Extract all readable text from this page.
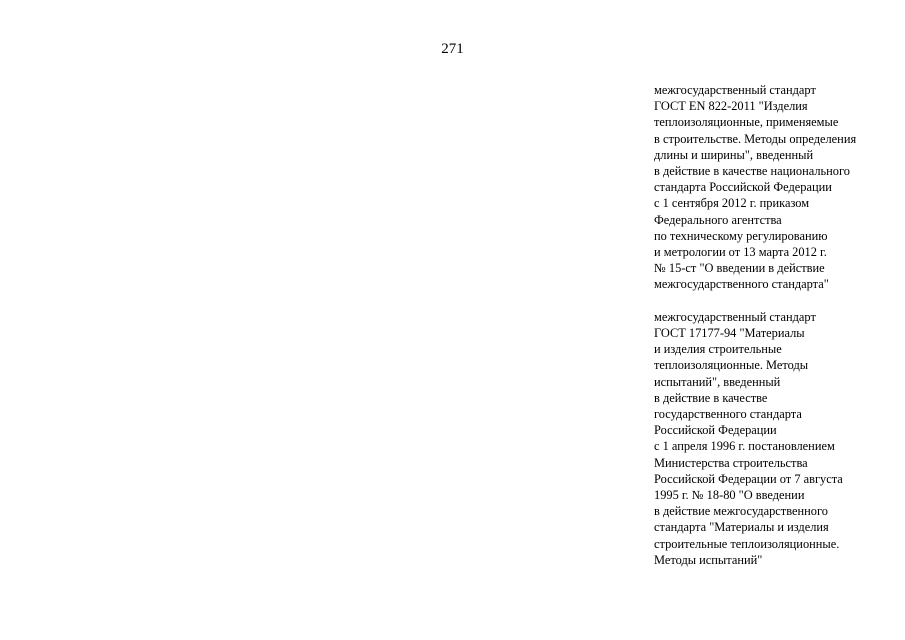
271
межгосударственный стандарт
ГОСТ EN 822-2011 "Изделия
теплоизоляционные, применяемые
в строительстве. Методы определения
длины и ширины", введенный
в действие в качестве национального
стандарта Российской Федерации
с 1 сентября 2012 г. приказом
Федерального агентства
по техническому регулированию
и метрологии от 13 марта 2012 г.
№ 15-ст "О введении в действие
межгосударственного стандарта"
межгосударственный стандарт
ГОСТ 17177-94 "Материалы
и изделия строительные
теплоизоляционные. Методы
испытаний", введенный
в действие в качестве
государственного стандарта
Российской Федерации
с 1 апреля 1996 г. постановлением
Министерства строительства
Российской Федерации от 7 августа
1995 г. № 18-80 "О введении
в действие межгосударственного
стандарта "Материалы и изделия
строительные теплоизоляционные.
Методы испытаний"
